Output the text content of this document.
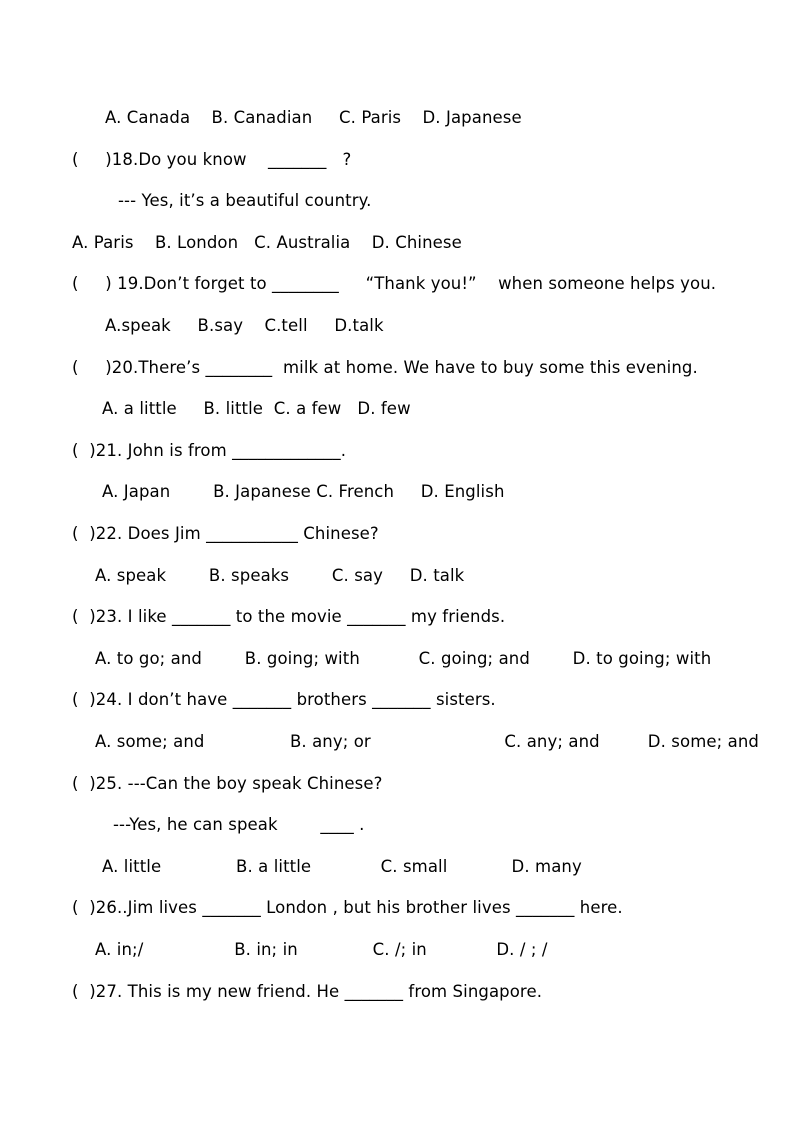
A. Canada    B. Canadian     C. Paris    D. Japanese
(     )18.Do you know    _______   ?
--- Yes, it’s a beautiful country.
A. Paris    B. London   C. Australia    D. Chinese
(     ) 19.Don’t forget to ________     “Thank you!”    when someone helps you.
A.speak     B.say    C.tell     D.talk
(     )20.There’s ________  milk at home. We have to buy some this evening.
A. a little     B. little  C. a few   D. few
(  )21. John is from _____________.
A. Japan        B. Japanese C. French     D. English
(  )22. Does Jim ___________ Chinese?
A. speak        B. speaks        C. say     D. talk
(  )23. I like _______ to the movie _______ my friends.
A. to go; and        B. going; with           C. going; and        D. to going; with
(  )24. I don’t have _______ brothers _______ sisters.
A. some; and                B. any; or                         C. any; and         D. some; and
(  )25. ---Can the boy speak Chinese?
---Yes, he can speak        ____ .
A. little              B. a little             C. small            D. many
(  )26..Jim lives _______ London , but his brother lives _______ here.
A. in;/                 B. in; in              C. /; in             D. / ; /
(  )27. This is my new friend. He _______ from Singapore.
